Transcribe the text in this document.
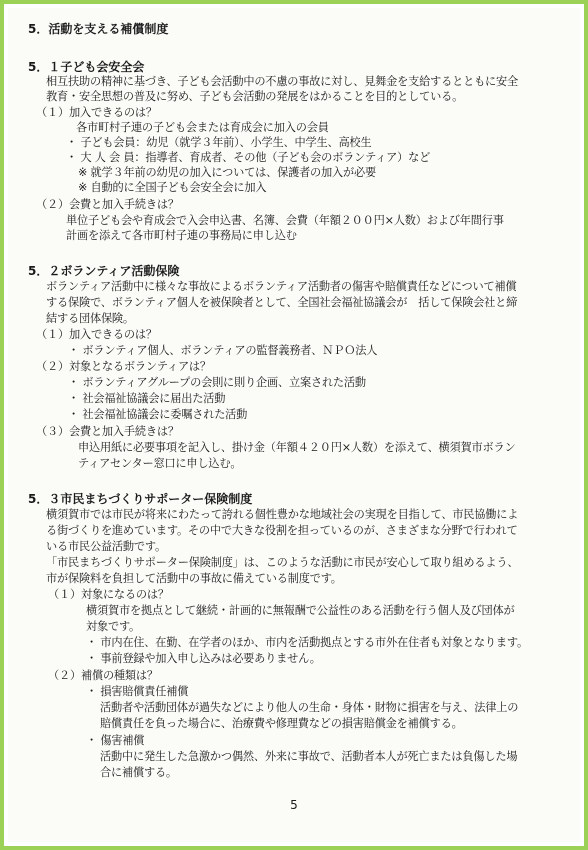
5．活動を支える補償制度
5．１子ども会安全会
相互扶助の精神に基づき、子ども会活動中の不慮の事故に対し、見舞金を支給するとともに安全
教育・安全思想の普及に努め、子ども会活動の発展をはかることを目的としている。
（１）加入できるのは？
各市町村子連の子ども会または育成会に加入の会員
・ 子ども会員：幼児（就学３年前）、小学生、中学生、高校生
・ 大 人 会 員：指導者、育成者、その他（子ども会のボランティア）など
※ 就学３年前の幼児の加入については、保護者の加入が必要
※ 自動的に全国子ども会安全会に加入
（２）会費と加入手続きは？
単位子ども会や育成会で入会申込書、名簿、会費（年額２００円×人数）および年間行事
計画を添えて各市町村子連の事務局に申し込む
5．２ボランティア活動保険
ボランティア活動中に様々な事故によるボランティア活動者の傷害や賠償責任などについて補償
する保険で、ボランティア個人を被保険者として、全国社会福祉協議会が　括して保険会社と締
結する団体保険。
（１）加入できるのは？
・ ボランティア個人、ボランティアの監督義務者、ＮＰＯ法人
（２）対象となるボランティアは？
・ ボランティアグループの会則に則り企画、立案された活動
・ 社会福祉協議会に届出た活動
・ 社会福祉協議会に委嘱された活動
（３）会費と加入手続きは？
申込用紙に必要事項を記入し、掛け金（年額４２０円×人数）を添えて、横須賀市ボラン
ティアセンター窓口に申し込む。
5．３市民まちづくりサポーター保険制度
横須賀市では市民が将来にわたって誇れる個性豊かな地域社会の実現を目指して、市民協働によ
る街づくりを進めています。その中で大きな役割を担っているのが、さまざまな分野で行われて
いる市民公益活動です。
「市民まちづくりサポーター保険制度」は、このような活動に市民が安心して取り組めるよう、
市が保険料を負担して活動中の事故に備えている制度です。
（１）対象になるのは？
横須賀市を拠点として継続・計画的に無報酬で公益性のある活動を行う個人及び団体が
対象です。
・ 市内在住、在勤、在学者のほか、市内を活動拠点とする市外在住者も対象となります。
・ 事前登録や加入申し込みは必要ありません。
（２）補償の種類は？
・ 損害賠償責任補償
活動者や活動団体が過失などにより他人の生命・身体・財物に損害を与え、法律上の
賠償責任を負った場合に、治療費や修理費などの損害賠償金を補償する。
・ 傷害補償
活動中に発生した急激かつ偶然、外来に事故で、活動者本人が死亡または負傷した場
合に補償する。
5
